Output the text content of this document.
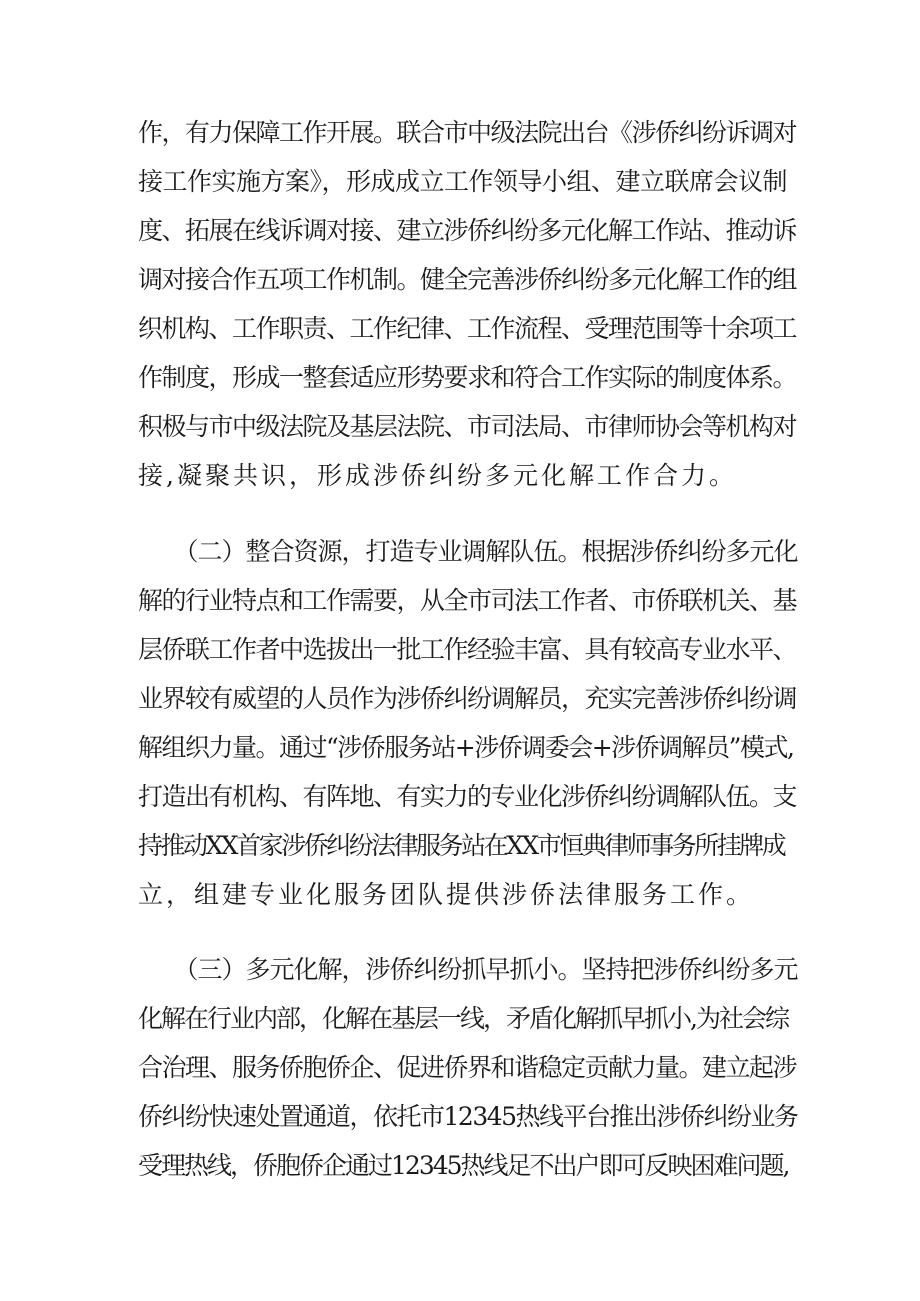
作，有力保障工作开展。联合市中级法院出台《涉侨纠纷诉调对
接工作实施方案》，形成成立工作领导小组、建立联席会议制
度、拓展在线诉调对接、建立涉侨纠纷多元化解工作站、推动诉
调对接合作五项工作机制。健全完善涉侨纠纷多元化解工作的组
织机构、工作职责、工作纪律、工作流程、受理范围等十余项工
作制度，形成一整套适应形势要求和符合工作实际的制度体系。
积极与市中级法院及基层法院、市司法局、市律师协会等机构对
接,凝聚共识，形成涉侨纠纷多元化解工作合力。
　　（二）整合资源，打造专业调解队伍。根据涉侨纠纷多元化
解的行业特点和工作需要，从全市司法工作者、市侨联机关、基
层侨联工作者中选拔出一批工作经验丰富、具有较高专业水平、
业界较有威望的人员作为涉侨纠纷调解员，充实完善涉侨纠纷调
解组织力量。通过“涉侨服务站+涉侨调委会+涉侨调解员”模式,
打造出有机构、有阵地、有实力的专业化涉侨纠纷调解队伍。支
持推动XX首家涉侨纠纷法律服务站在XX市恒典律师事务所挂牌成
立，组建专业化服务团队提供涉侨法律服务工作。
　　（三）多元化解，涉侨纠纷抓早抓小。坚持把涉侨纠纷多元
化解在行业内部，化解在基层一线，矛盾化解抓早抓小,为社会综
合治理、服务侨胞侨企、促进侨界和谐稳定贡献力量。建立起涉
侨纠纷快速处置通道，依托市12345热线平台推出涉侨纠纷业务
受理热线，侨胞侨企通过12345热线足不出户即可反映困难问题,
